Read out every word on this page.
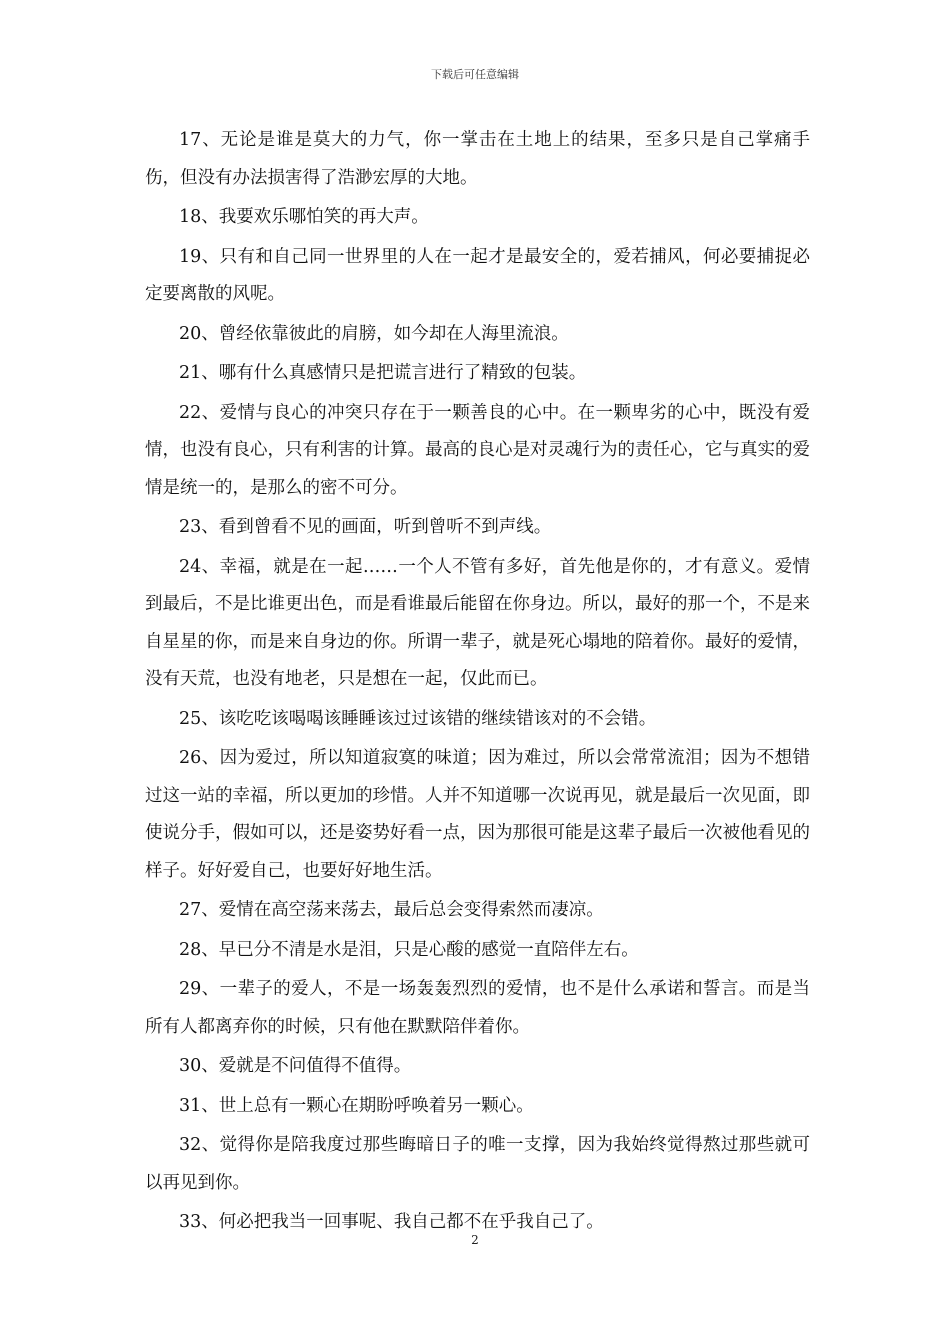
下载后可任意编辑

17、无论是谁是莫大的力气，你一掌击在土地上的结果，至多只是自己掌痛手伤，但没有办法损害得了浩渺宏厚的大地。

18、我要欢乐哪怕笑的再大声。

19、只有和自己同一世界里的人在一起才是最安全的，爱若捕风，何必要捕捉必定要离散的风呢。

20、曾经依靠彼此的肩膀，如今却在人海里流浪。

21、哪有什么真感情只是把谎言进行了精致的包装。

22、爱情与良心的冲突只存在于一颗善良的心中。在一颗卑劣的心中，既没有爱情，也没有良心，只有利害的计算。最高的良心是对灵魂行为的责任心，它与真实的爱情是统一的，是那么的密不可分。

23、看到曾看不见的画面，听到曾听不到声线。

24、幸福，就是在一起……一个人不管有多好，首先他是你的，才有意义。爱情到最后，不是比谁更出色，而是看谁最后能留在你身边。所以，最好的那一个，不是来自星星的你，而是来自身边的你。所谓一辈子，就是死心塌地的陪着你。最好的爱情，没有天荒，也没有地老，只是想在一起，仅此而已。

25、该吃吃该喝喝该睡睡该过过该错的继续错该对的不会错。

26、因为爱过，所以知道寂寞的味道；因为难过，所以会常常流泪；因为不想错过这一站的幸福，所以更加的珍惜。人并不知道哪一次说再见，就是最后一次见面，即使说分手，假如可以，还是姿势好看一点，因为那很可能是这辈子最后一次被他看见的样子。好好爱自己，也要好好地生活。

27、爱情在高空荡来荡去，最后总会变得索然而凄凉。

28、早已分不清是水是泪，只是心酸的感觉一直陪伴左右。

29、一辈子的爱人，不是一场轰轰烈烈的爱情，也不是什么承诺和誓言。而是当所有人都离弃你的时候，只有他在默默陪伴着你。

30、爱就是不问值得不值得。

31、世上总有一颗心在期盼呼唤着另一颗心。

32、觉得你是陪我度过那些晦暗日子的唯一支撑，因为我始终觉得熬过那些就可以再见到你。

33、何必把我当一回事呢、我自己都不在乎我自己了。

2
